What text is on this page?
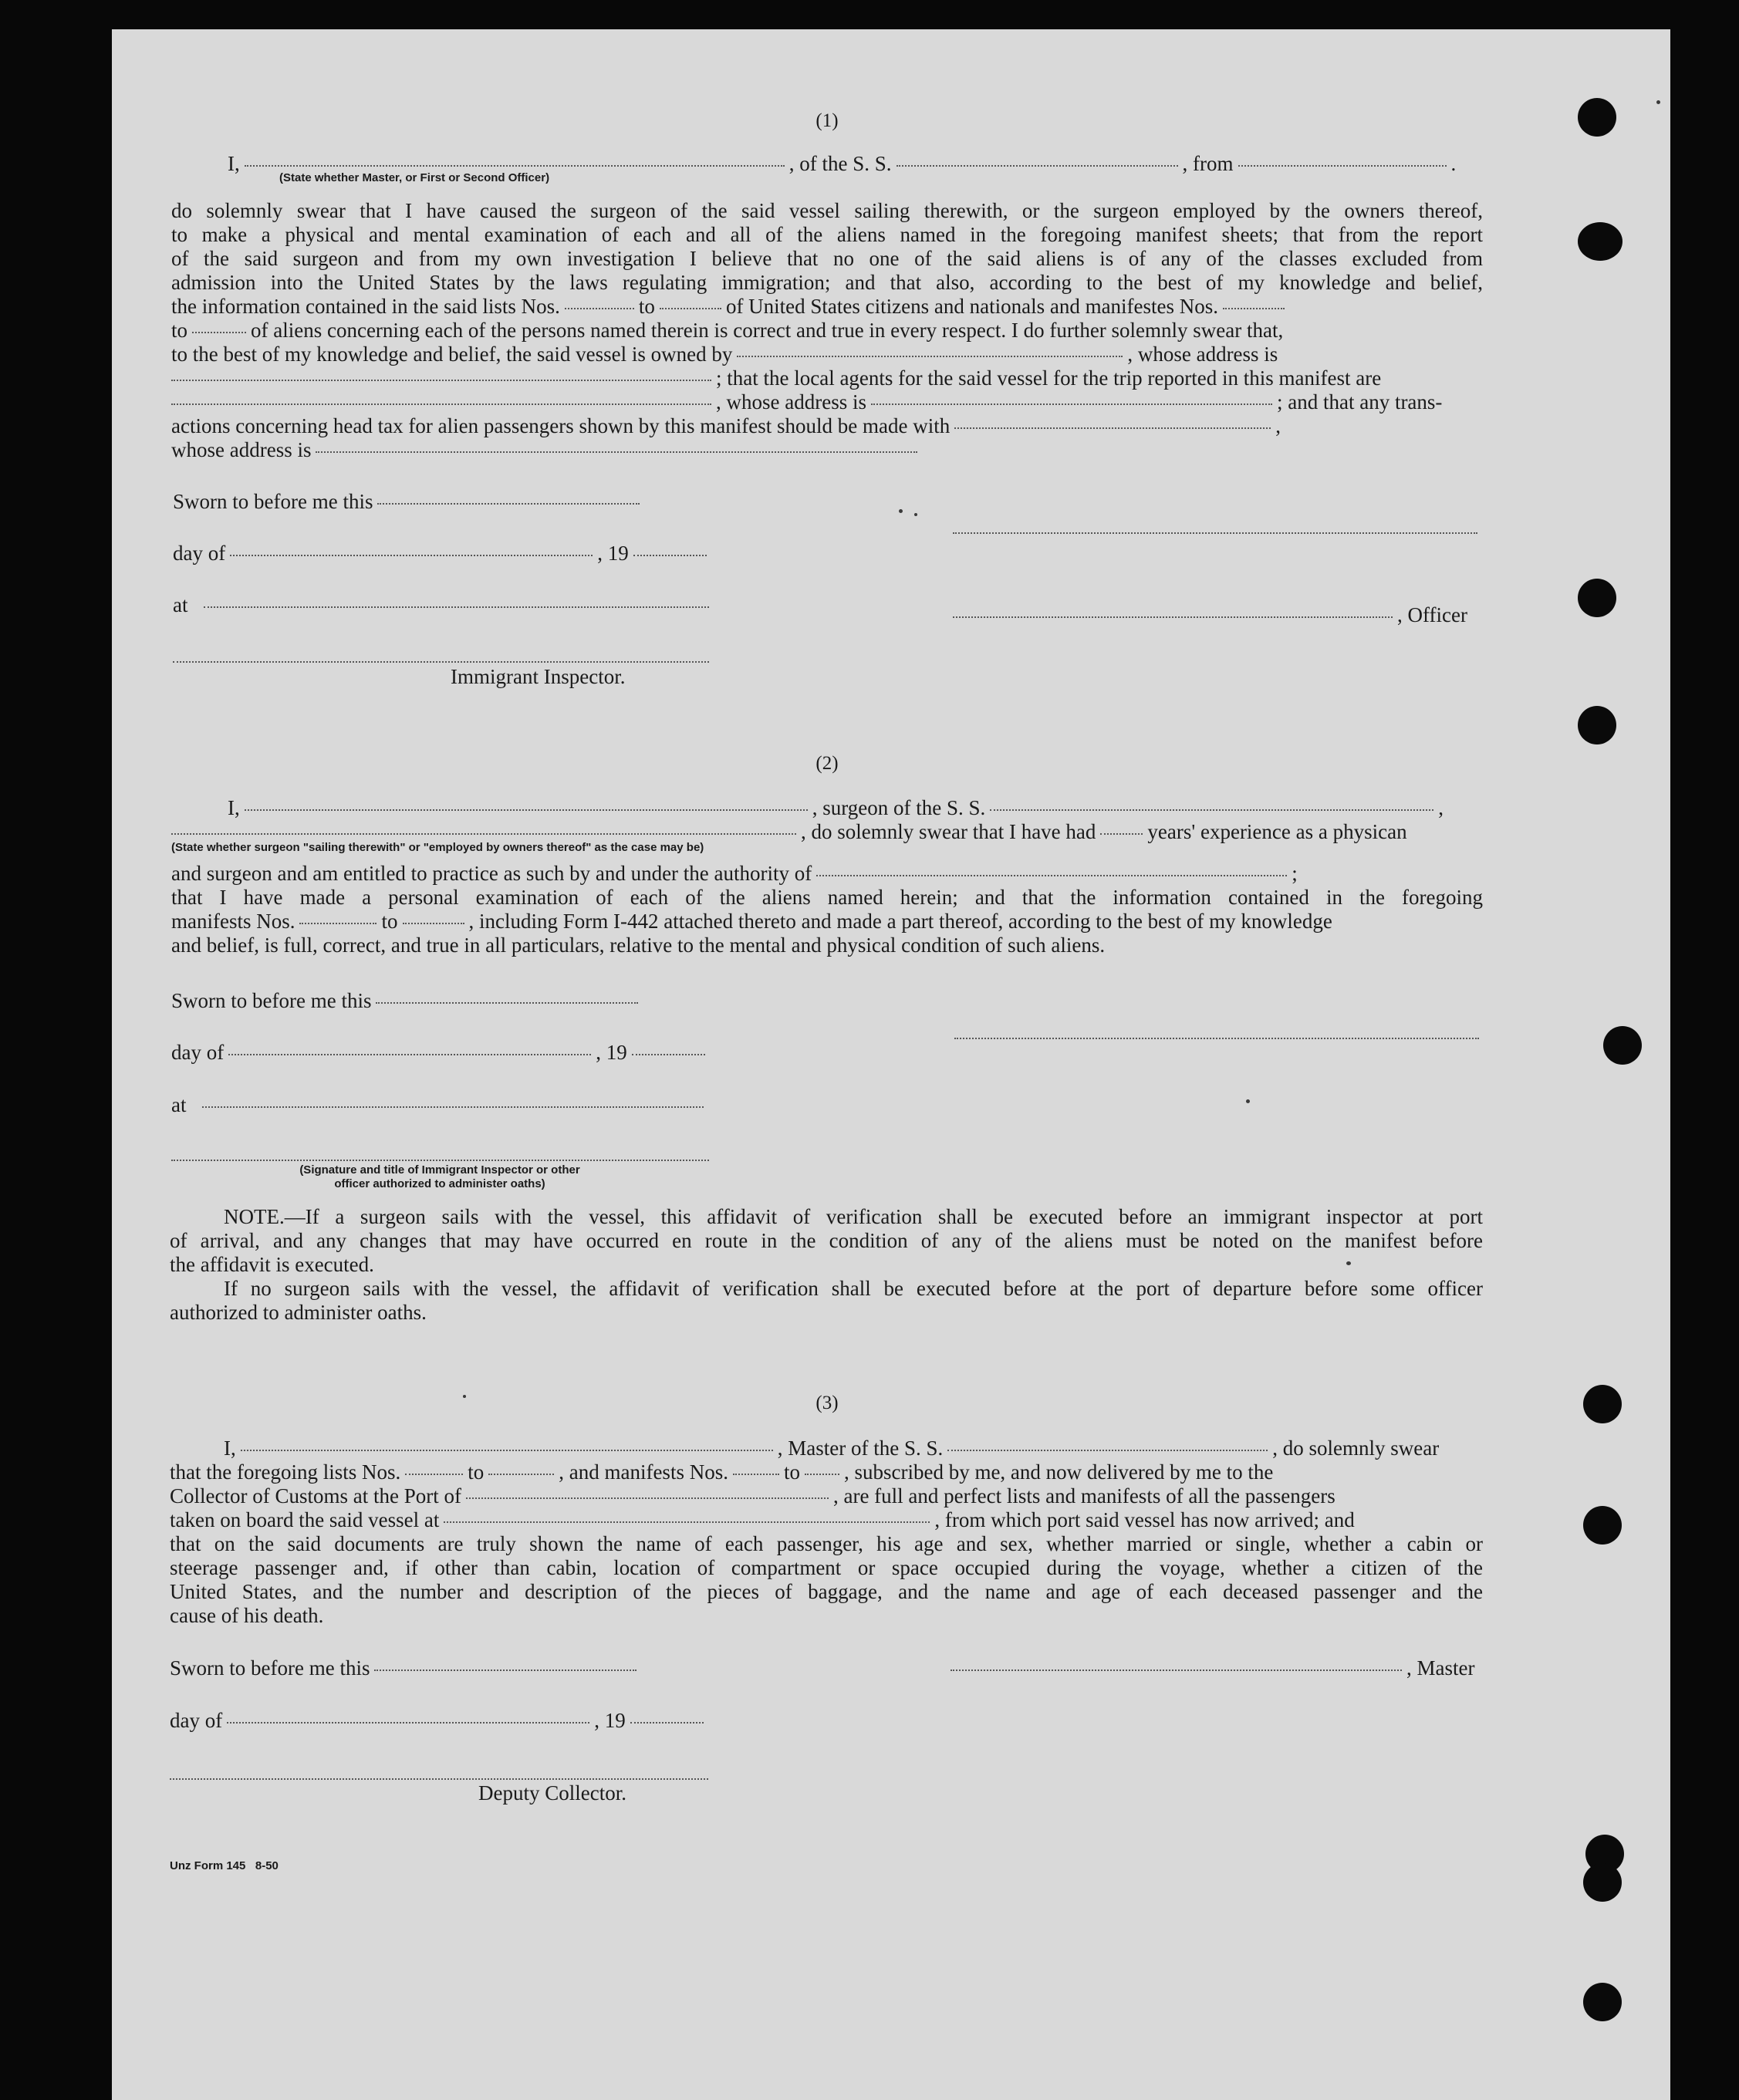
(1)
I,	, of the S. S.	, from	.
(State whether Master, or First or Second Officer)
do solemnly swear that I have caused the surgeon of the said vessel sailing therewith, or the surgeon employed by the owners thereof,
to make a physical and mental examination of each and all of the aliens named in the foregoing manifest sheets; that from the report
of the said surgeon and from my own investigation I believe that no one of the said aliens is of any of the classes excluded from
admission into the United States by the laws regulating immigration; and that also, according to the best of my knowledge and belief,
the information contained in the said lists Nos.	to	of United States citizens and nationals and manifestes Nos.
to	of aliens concerning each of the persons named therein is correct and true in every respect. I do further solemnly swear that,
to the best of my knowledge and belief, the said vessel is owned by	, whose address is
; that the local agents for the said vessel for the trip reported in this manifest are
, whose address is	; and that any trans-
actions concerning head tax for alien passengers shown by this manifest should be made with	,
whose address is
Sworn to before me this
day of	, 19
at	, Officer
Immigrant Inspector.
(2)
I,	, surgeon of the S. S.	,
, do solemnly swear that I have had years' experience as a physican
(State whether surgeon "sailing therewith" or "employed by owners thereof" as the case may be)
and surgeon and am entitled to practice as such by and under the authority of	;
that I have made a personal examination of each of the aliens named herein; and that the information contained in the foregoing
manifests Nos.	to	, including Form I-442 attached thereto and made a part thereof, according to the best of my knowledge
and belief, is full, correct, and true in all particulars, relative to the mental and physical condition of such aliens.
Sworn to before me this
day of	, 19
at
(Signature and title of Immigrant Inspector or other
officer authorized to administer oaths)
NOTE.—If a surgeon sails with the vessel, this affidavit of verification shall be executed before an immigrant inspector at port
of arrival, and any changes that may have occurred en route in the condition of any of the aliens must be noted on the manifest before
the affidavit is executed.
If no surgeon sails with the vessel, the affidavit of verification shall be executed before at the port of departure before some officer
authorized to administer oaths.
(3)
I,	, Master of the S. S.	, do solemnly swear
that the foregoing lists Nos.	to	, and manifests Nos.	to , subscribed by me, and now delivered by me to the
Collector of Customs at the Port of	, are full and perfect lists and manifests of all the passengers
taken on board the said vessel at	, from which port said vessel has now arrived; and
that on the said documents are truly shown the name of each passenger, his age and sex, whether married or single, whether a cabin or
steerage passenger and, if other than cabin, location of compartment or space occupied during the voyage, whether a citizen of the
United States, and the number and description of the pieces of baggage, and the name and age of each deceased passenger and the
cause of his death.
Sworn to before me this	, Master
day of	, 19
Deputy Collector.
Unz Form 145   8-50
